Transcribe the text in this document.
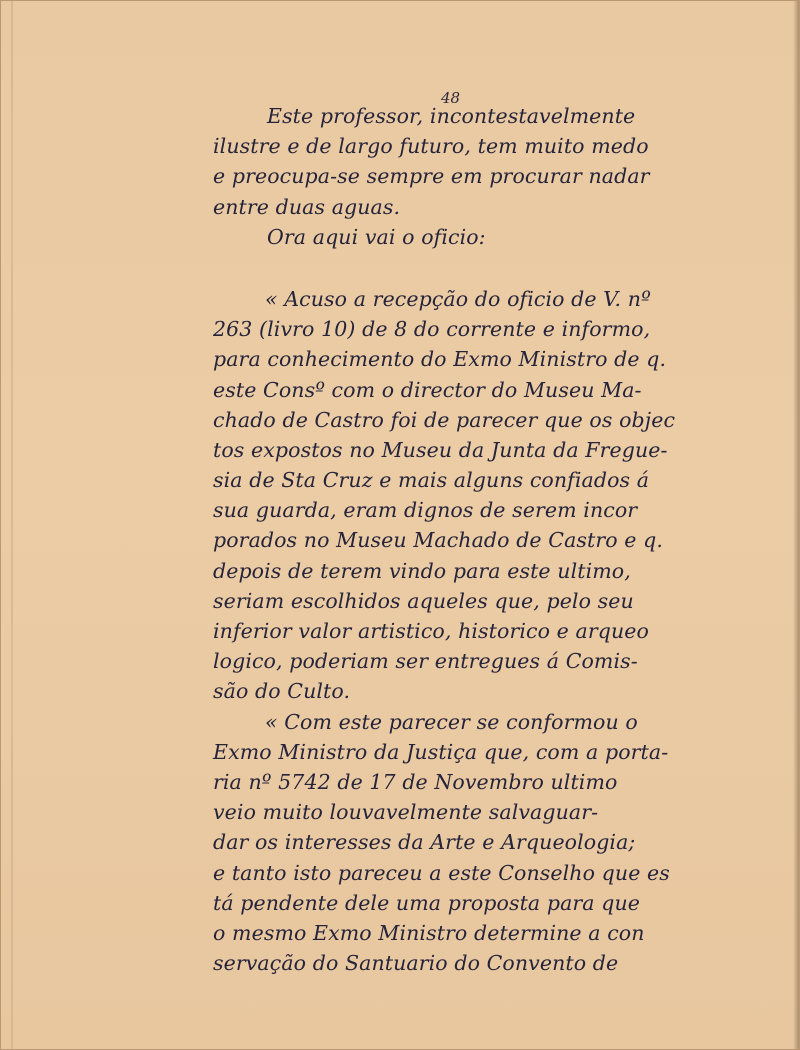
48
Este professor, incontestavelmente
ilustre e de largo futuro, tem muito medo
e preocupa-se sempre em procurar nadar
entre duas aguas.
Ora aqui vai o oficio:
« Acuso a recepção do oficio de V. nº
263 (livro 10) de 8 do corrente e informo,
para conhecimento do Exmo Ministro de q.
este Consº com o director do Museu Ma-
chado de Castro foi de parecer que os objec
tos expostos no Museu da Junta da Fregue-
sia de Sta Cruz e mais alguns confiados á
sua guarda, eram dignos de serem incor
porados no Museu Machado de Castro e q.
depois de terem vindo para este ultimo,
seriam escolhidos aqueles que, pelo seu
inferior valor artistico, historico e arqueo
logico, poderiam ser entregues á Comis-
são do Culto.
« Com este parecer se conformou o
Exmo Ministro da Justiça que, com a porta-
ria nº 5742 de 17 de Novembro ultimo
veio muito louvavelmente salvaguar-
dar os interesses da Arte e Arqueologia;
e tanto isto pareceu a este Conselho que es
tá pendente dele uma proposta para que
o mesmo Exmo Ministro determine a con
servação do Santuario do Convento de
